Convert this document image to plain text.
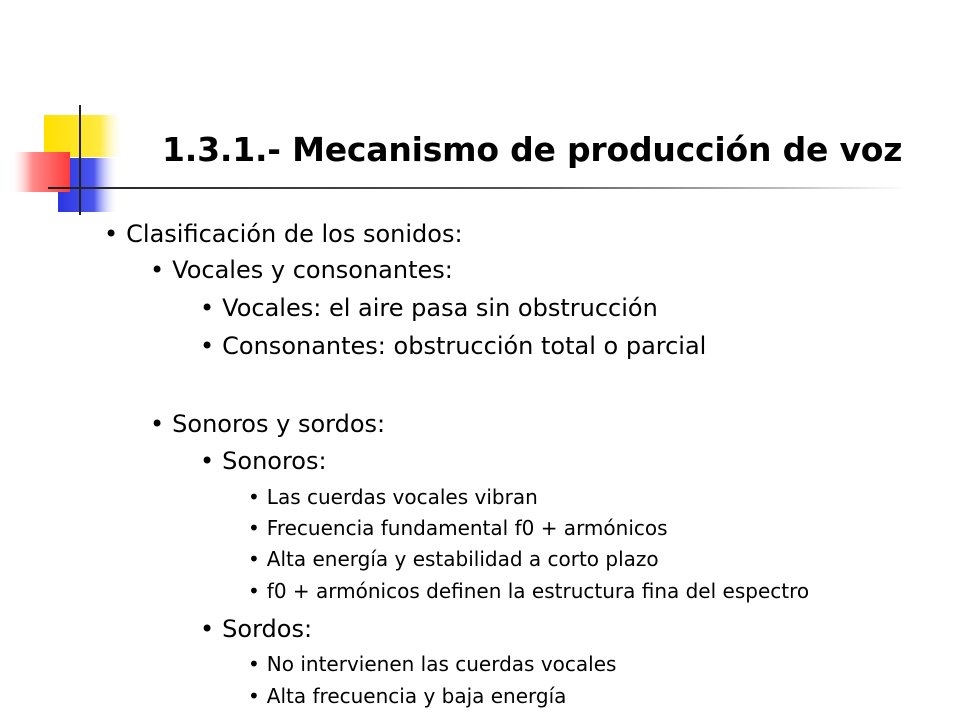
1.3.1.- Mecanismo de producción de voz
• Clasificación de los sonidos:
• Vocales y consonantes:
• Vocales: el aire pasa sin obstrucción
• Consonantes: obstrucción total o parcial
• Sonoros y sordos:
• Sonoros:
• Las cuerdas vocales vibran
• Frecuencia fundamental f0 + armónicos
• Alta energía y estabilidad a corto plazo
• f0 + armónicos definen la estructura fina del espectro
• Sordos:
• No intervienen las cuerdas vocales
• Alta frecuencia y baja energía
